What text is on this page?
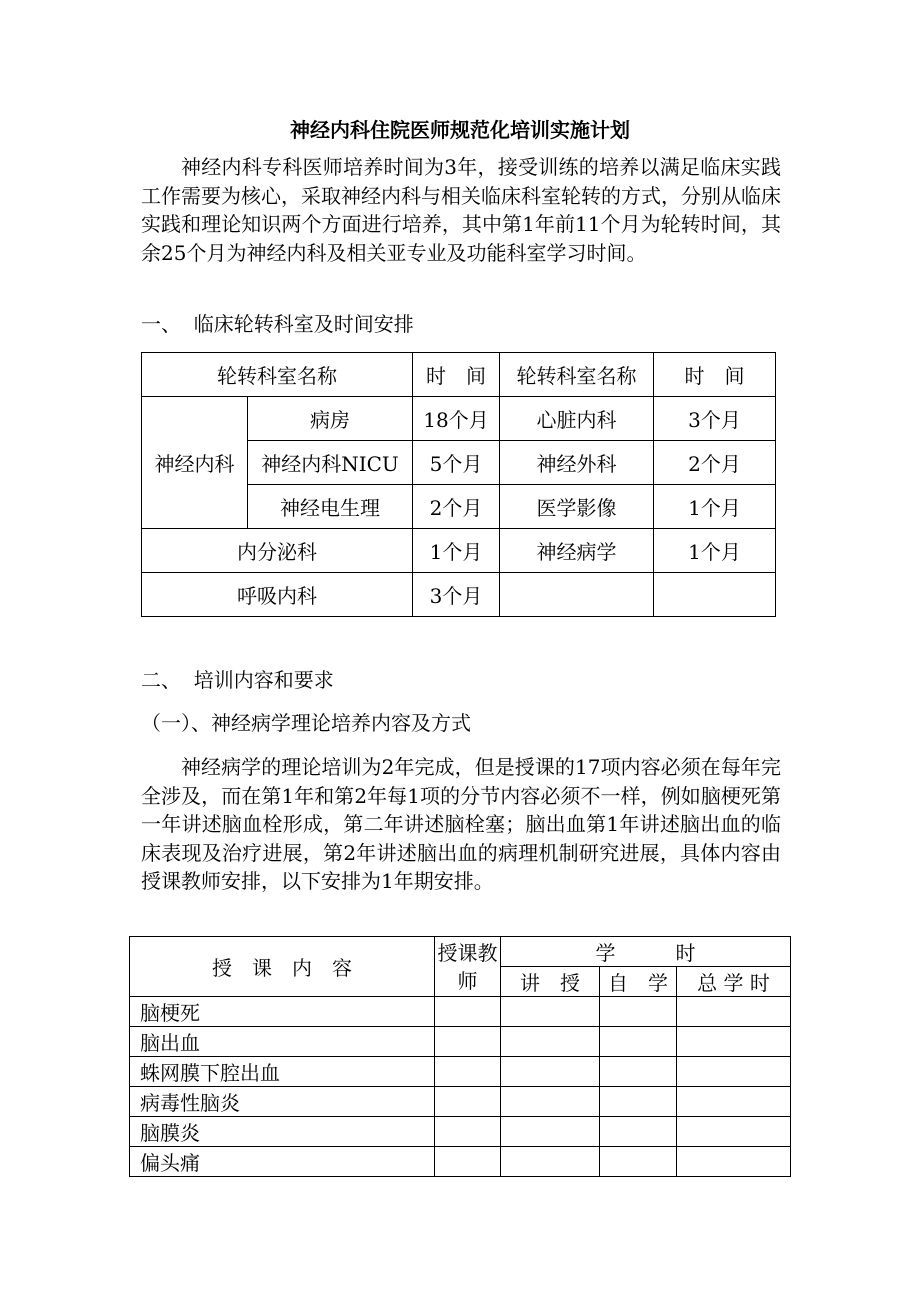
神经内科住院医师规范化培训实施计划

神经内科专科医师培养时间为3年，接受训练的培养以满足临床实践工作需要为核心，采取神经内科与相关临床科室轮转的方式，分别从临床实践和理论知识两个方面进行培养，其中第1年前11个月为轮转时间，其余25个月为神经内科及相关亚专业及功能科室学习时间。

一、  临床轮转科室及时间安排
轮转科室名称		时　间	轮转科室名称	时　间
神经内科	病房	18个月	心脏内科	3个月
	神经内科NICU	5个月	神经外科	2个月
	神经电生理	2个月	医学影像	1个月
内分泌科		1个月	神经病学	1个月
呼吸内科		3个月		
二、  培训内容和要求
（一）、神经病学理论培养内容及方式

神经病学的理论培训为2年完成，但是授课的17项内容必须在每年完全涉及，而在第1年和第2年每1项的分节内容必须不一样，例如脑梗死第一年讲述脑血栓形成，第二年讲述脑栓塞；脑出血第1年讲述脑出血的临床表现及治疗进展，第2年讲述脑出血的病理机制研究进展，具体内容由授课教师安排，以下安排为1年期安排。

授　课　内　容	授课教师	学　　　时		
		讲　授	自　学	总 学 时
脑梗死				
脑出血				
蛛网膜下腔出血				
病毒性脑炎				
脑膜炎				
偏头痛				
